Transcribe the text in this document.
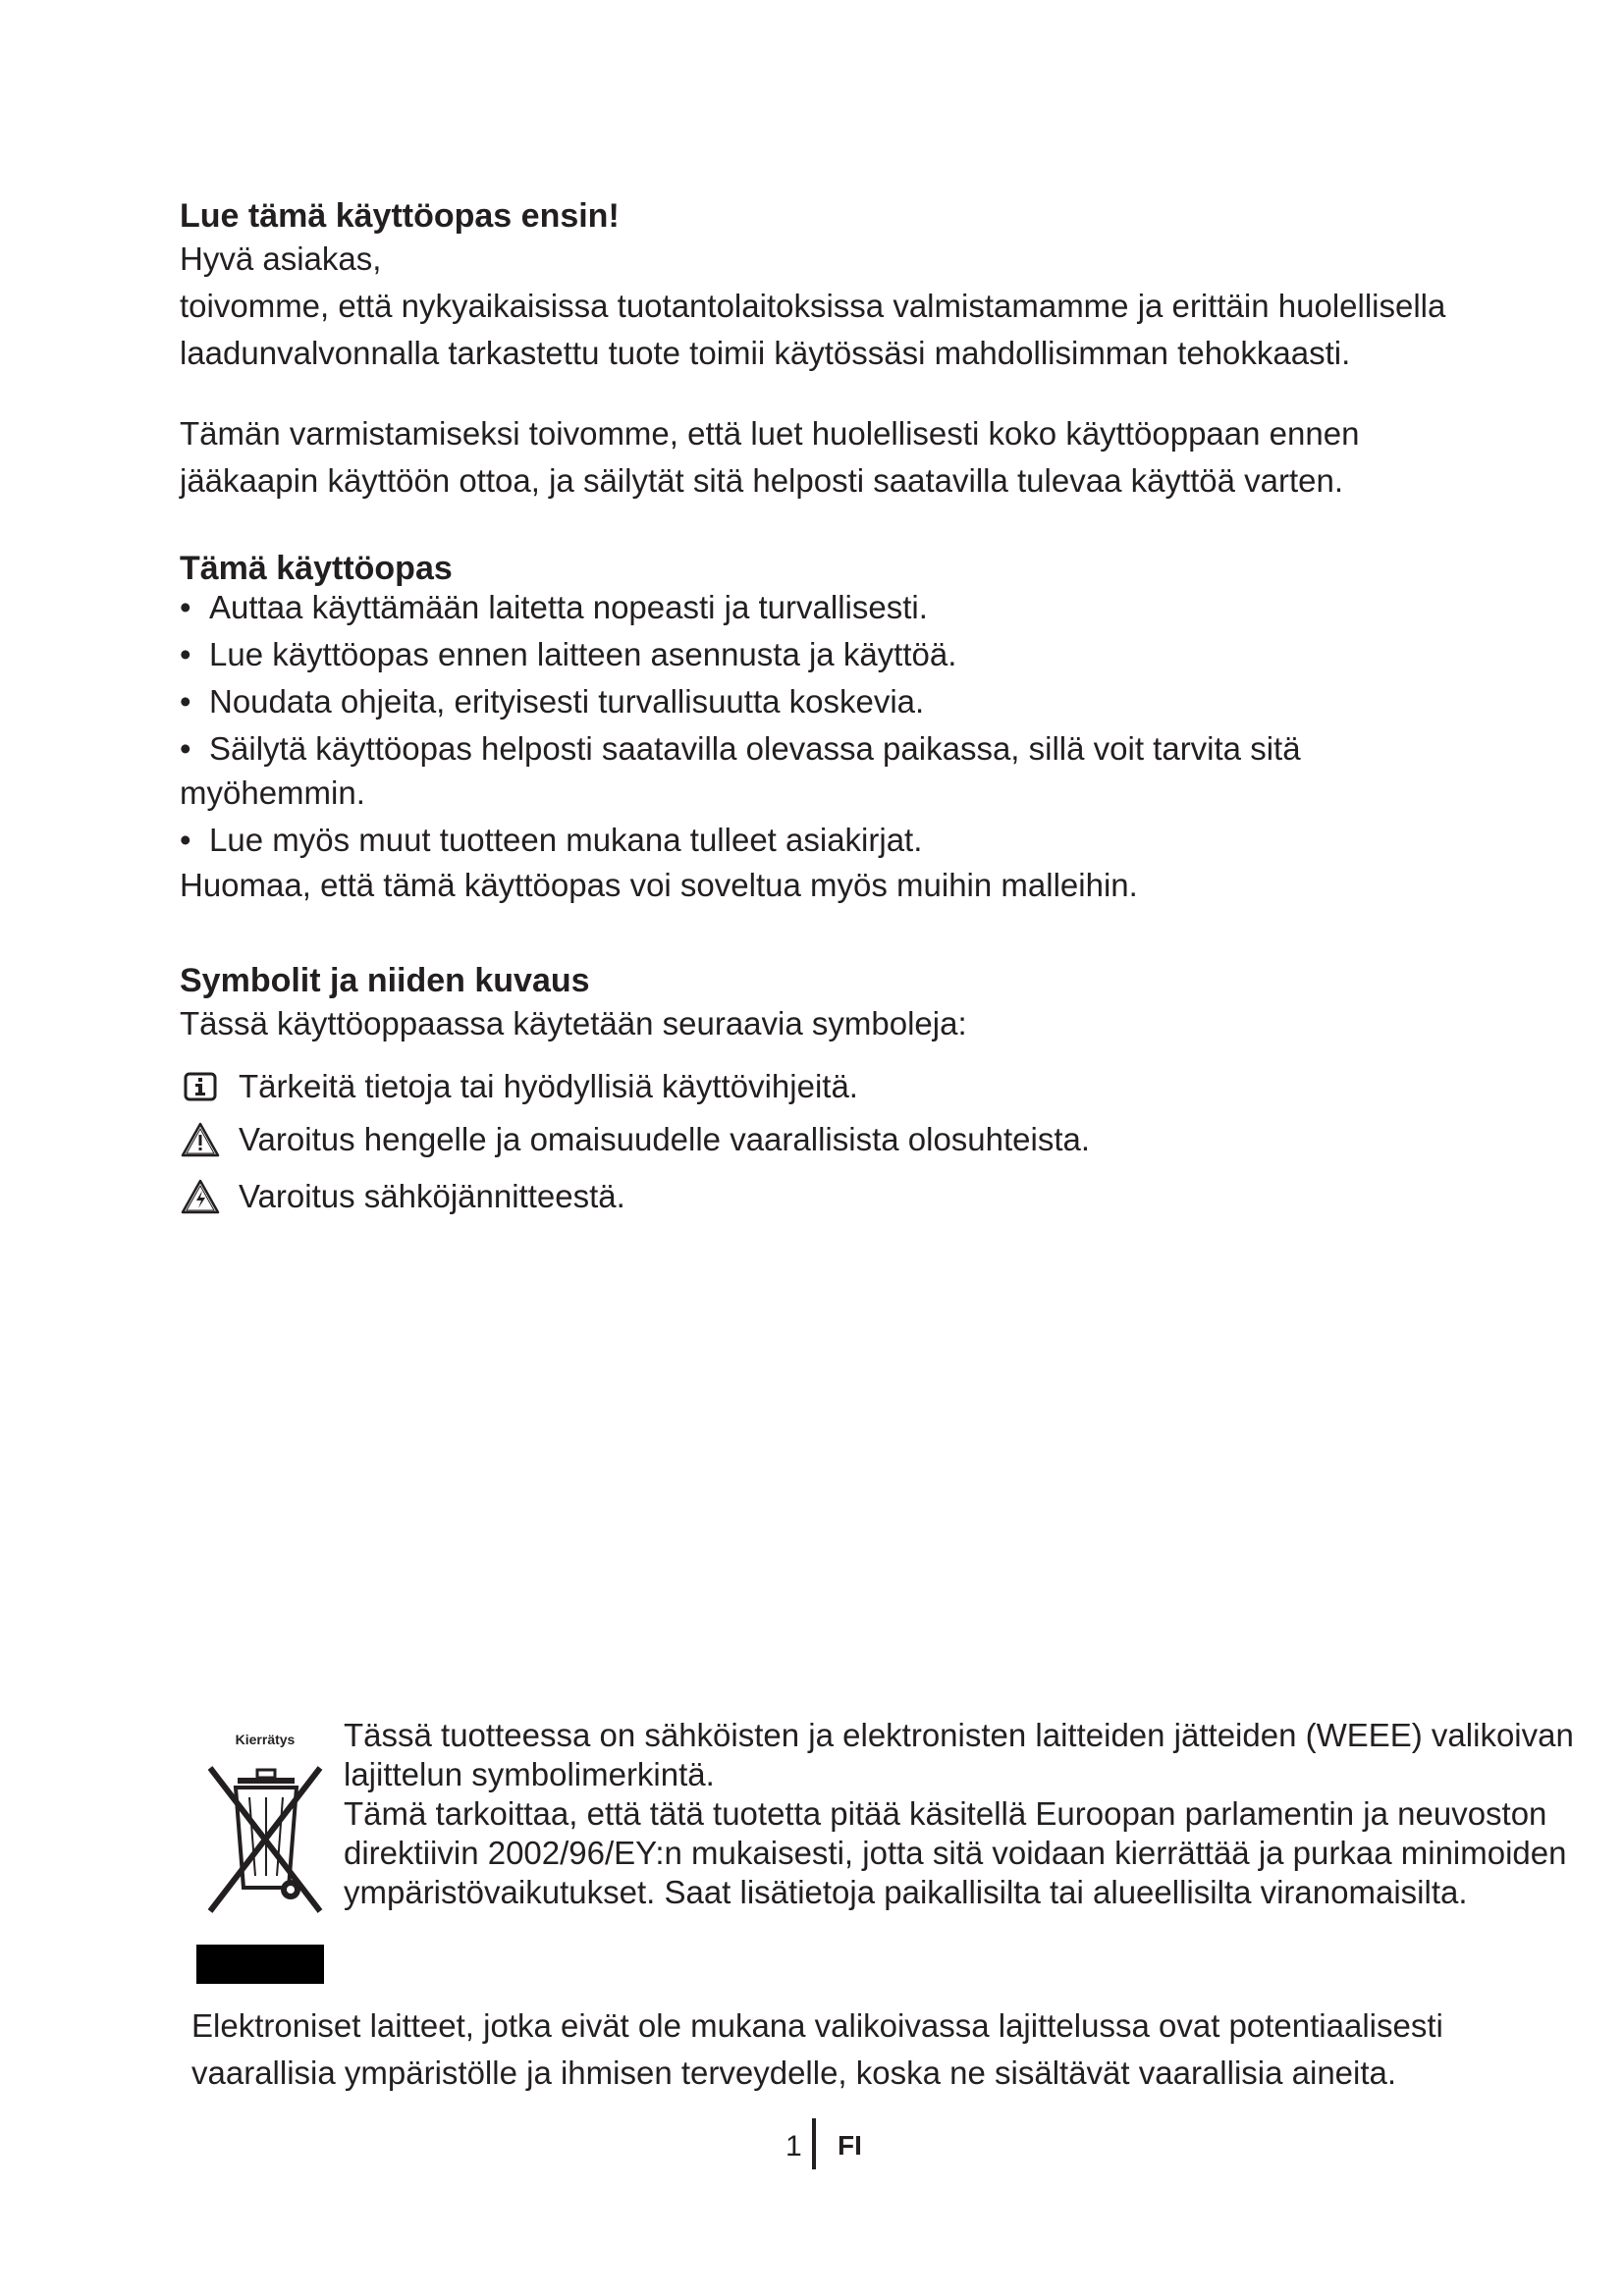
Lue tämä käyttöopas ensin!

Hyvä asiakas,

toivomme, että nykyaikaisissa tuotantolaitoksissa valmistamamme ja erittäin huolellisella laadunvalvonnalla tarkastettu tuote toimii käytössäsi mahdollisimman tehokkaasti.

Tämän varmistamiseksi toivomme, että luet huolellisesti koko käyttöoppaan ennen jääkaapin käyttöön ottoa, ja säilytät sitä helposti saatavilla tulevaa käyttöä varten.

Tämä käyttöopas
• Auttaa käyttämään laitetta nopeasti ja turvallisesti.
• Lue käyttöopas ennen laitteen asennusta ja käyttöä.
• Noudata ohjeita, erityisesti turvallisuutta koskevia.
• Säilytä käyttöopas helposti saatavilla olevassa paikassa, sillä voit tarvita sitä myöhemmin.
• Lue myös muut tuotteen mukana tulleet asiakirjat.

Huomaa, että tämä käyttöopas voi soveltua myös muihin malleihin.

Symbolit ja niiden kuvaus

Tässä käyttöoppaassa käytetään seuraavia symboleja:

Tärkeitä tietoja tai hyödyllisiä käyttövihjeitä.
Varoitus hengelle ja omaisuudelle vaarallisista olosuhteista.
Varoitus sähköjännitteestä.
Kierrätys Tässä tuotteessa on sähköisten ja elektronisten laitteiden jätteiden (WEEE) valikoivan lajittelun symbolimerkintä.

Tämä tarkoittaa, että tätä tuotetta pitää käsitellä Euroopan parlamentin ja neuvoston direktiivin 2002/96/EY:n mukaisesti, jotta sitä voidaan kierrättää ja purkaa minimoiden ympäristövaikutukset. Saat lisätietoja paikallisilta tai alueellisilta viranomaisilta.

Elektroniset laitteet, jotka eivät ole mukana valikoivassa lajittelussa ovat potentiaalisesti vaarallisia ympäristölle ja ihmisen terveydelle, koska ne sisältävät vaarallisia aineita.

1 FI
